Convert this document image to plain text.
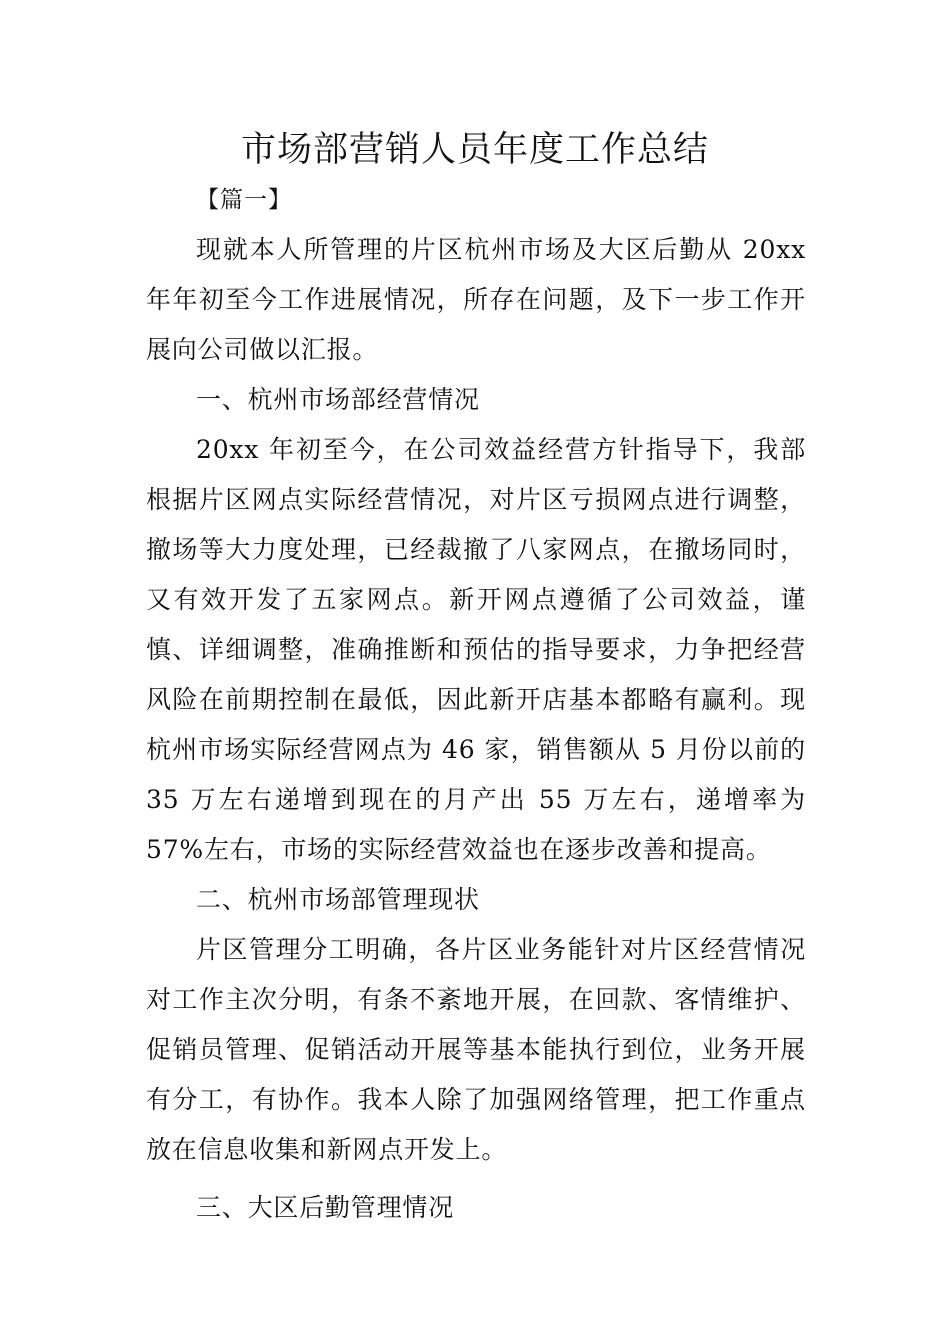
市场部营销人员年度工作总结
【篇一】

现就本人所管理的片区杭州市场及大区后勤从 20xx 年年初至今工作进展情况，所存在问题，及下一步工作开展向公司做以汇报。

一、杭州市场部经营情况

20xx 年初至今，在公司效益经营方针指导下，我部根据片区网点实际经营情况，对片区亏损网点进行调整，撤场等大力度处理，已经裁撤了八家网点，在撤场同时，又有效开发了五家网点。新开网点遵循了公司效益，谨慎、详细调整，准确推断和预估的指导要求，力争把经营风险在前期控制在最低，因此新开店基本都略有赢利。现杭州市场实际经营网点为 46 家，销售额从 5 月份以前的 35 万左右递增到现在的月产出 55 万左右，递增率为 57%左右，市场的实际经营效益也在逐步改善和提高。

二、杭州市场部管理现状

片区管理分工明确，各片区业务能针对片区经营情况对工作主次分明，有条不紊地开展，在回款、客情维护、促销员管理、促销活动开展等基本能执行到位，业务开展有分工，有协作。我本人除了加强网络管理，把工作重点放在信息收集和新网点开发上。

三、大区后勤管理情况
